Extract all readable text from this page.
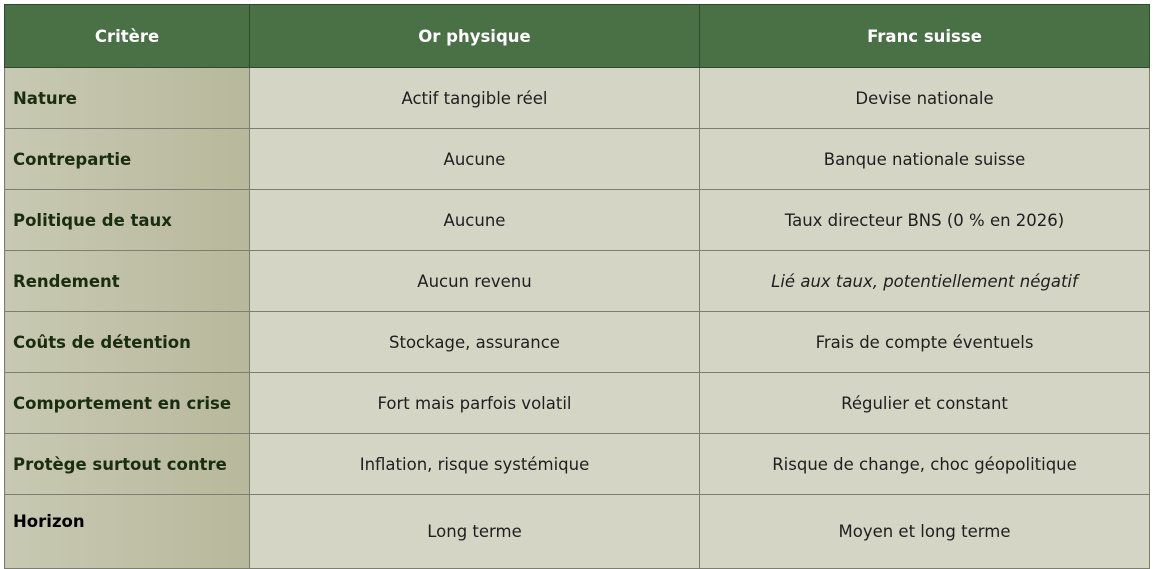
Critère	Or physique	Franc suisse
Nature	Actif tangible réel	Devise nationale
Contrepartie	Aucune	Banque nationale suisse
Politique de taux	Aucune	Taux directeur BNS (0 % en 2026)
Rendement	Aucun revenu	Lié aux taux, potentiellement négatif
Coûts de détention	Stockage, assurance	Frais de compte éventuels
Comportement en crise	Fort mais parfois volatil	Régulier et constant
Protège surtout contre	Inflation, risque systémique	Risque de change, choc géopolitique
Horizon	Long terme	Moyen et long terme
